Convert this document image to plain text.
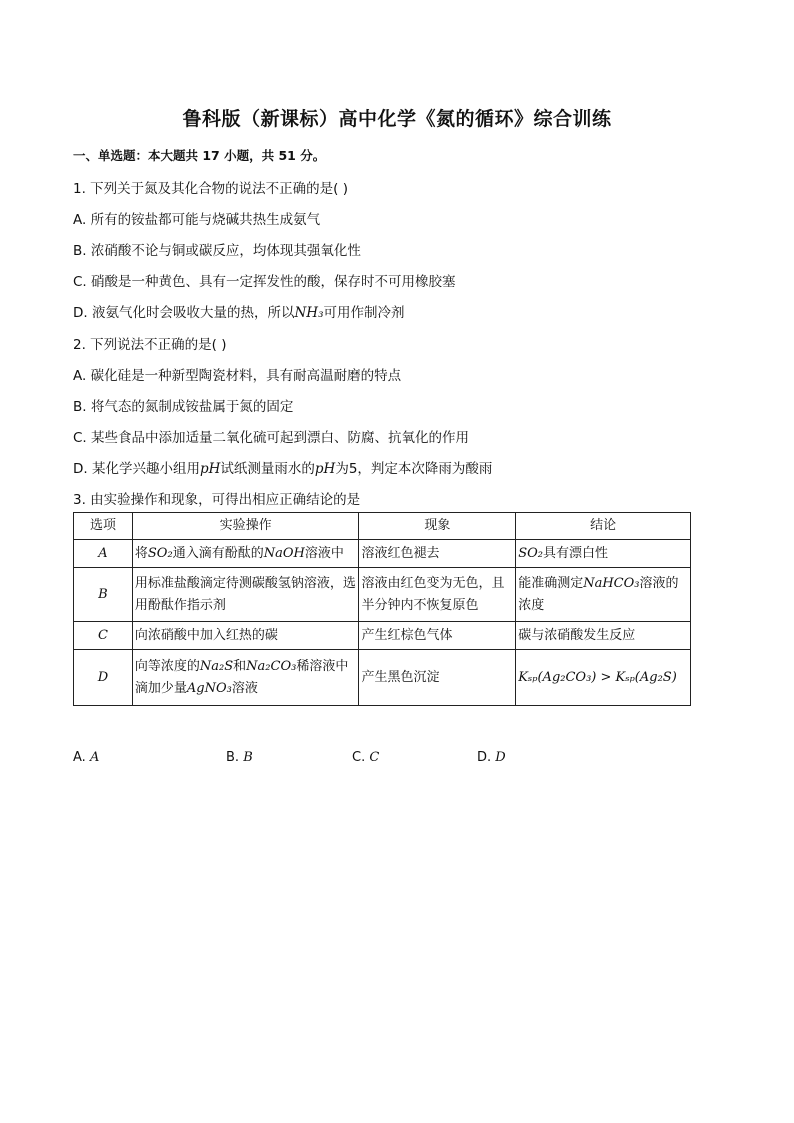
鲁科版（新课标）高中化学《氮的循环》综合训练
一、单选题：本大题共 17 小题，共 51 分。
1. 下列关于氮及其化合物的说法不正确的是( )
A. 所有的铵盐都可能与烧碱共热生成氨气
B. 浓硝酸不论与铜或碳反应，均体现其强氧化性
C. 硝酸是一种黄色、具有一定挥发性的酸，保存时不可用橡胶塞
D. 液氨气化时会吸收大量的热，所以NH₃可用作制冷剂
2. 下列说法不正确的是( )
A. 碳化硅是一种新型陶瓷材料，具有耐高温耐磨的特点
B. 将气态的氮制成铵盐属于氮的固定
C. 某些食品中添加适量二氧化硫可起到漂白、防腐、抗氧化的作用
D. 某化学兴趣小组用pH试纸测量雨水的pH为5，判定本次降雨为酸雨
3. 由实验操作和现象，可得出相应正确结论的是
选项	实验操作	现象	结论
A	将SO₂通入滴有酚酞的NaOH溶液中	溶液红色褪去	SO₂具有漂白性
B	用标准盐酸滴定待测碳酸氢钠溶液，选用酚酞作指示剂	溶液由红色变为无色，且半分钟内不恢复原色	能准确测定NaHCO₃溶液的浓度
C	向浓硝酸中加入红热的碳	产生红棕色气体	碳与浓硝酸发生反应
D	向等浓度的Na₂S和Na₂CO₃稀溶液中滴加少量AgNO₃溶液	产生黑色沉淀	Kₛₚ(Ag₂CO₃) > Kₛₚ(Ag₂S)
A. A	B. B	C. C	D. D
